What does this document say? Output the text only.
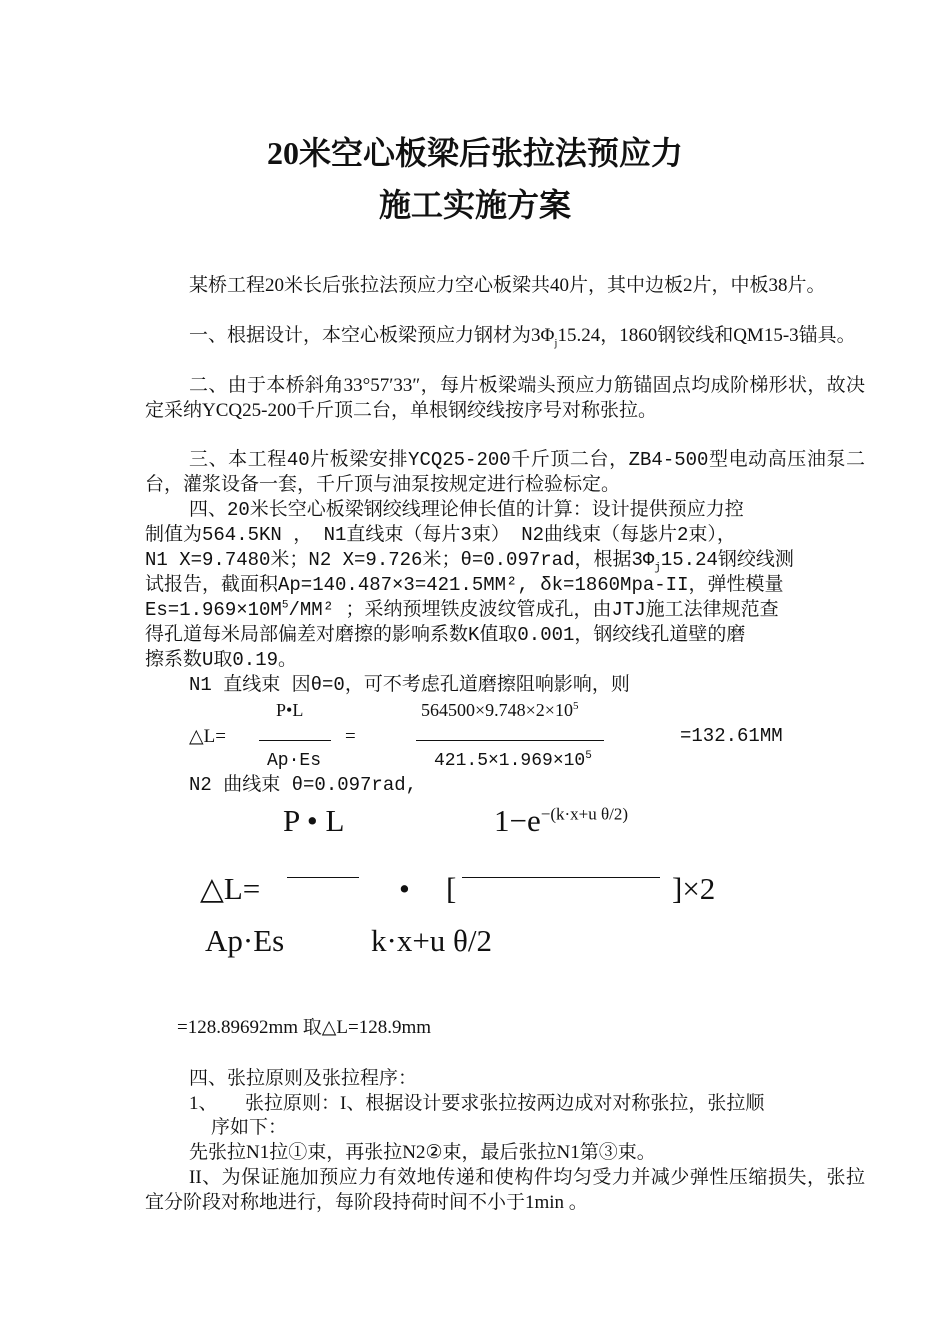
20米空心板梁后张拉法预应力
施工实施方案
某桥工程20米长后张拉法预应力空心板梁共40片，其中边板2片，中板38片。
一、根据设计，本空心板梁预应力钢材为$3\Phi_j15.24$，1860钢铰线和QM15-3锚具。
二、由于本桥斜角33°57′33″，每片板梁端头预应力筋锚固点均成阶梯形状，故决定采纳YCQ25-200千斤顶二台，单根钢绞线按序号对称张拉。
三、本工程40片板梁安排YCQ25-200千斤顶二台，ZB4-500型电动高压油泵二台，灌浆设备一套，千斤顶与油泵按规定进行检验标定。
四、20米长空心板梁钢绞线理论伸长值的计算：设计提供预应力控
制值为564.5KN ， N1直线束（每片3束） N2曲线束（每毖片2束），
N1 X=9.7480米；N2 X=9.726米；θ=0.097rad，根据$3\Phi_j15.24$钢绞线测
试报告，截面积Ap=140.487×3=421.5MM², δk=1860Mpa-II，弹性模量
$Es=1.969\times 10M^5$/MM² ；采纳预埋铁皮波纹管成孔，由JTJ施工法律规范查
得孔道每米局部偏差对磨擦的影响系数K值取0.001，钢绞线孔道壁的磨
擦系数U取0.19。
N1 直线束 因θ=0，可不考虑孔道磨擦阻响影响，则
P•L	$564500\times 9.748\times 2\times 10^5$
△L=	=	=132.61MM
Ap·Es	$421.5\times 1.969\times 10^5$
N2 曲线束 θ=0.097rad,
P • L	$1-e^{-(k\cdot x+u \theta/2)}$
△L=	• [	]×2
Ap·Es	k·x+u θ/2
=128.89692mm 取△L=128.9mm
四、张拉原则及张拉程序：
1、 张拉原则：I、根据设计要求张拉按两边成对对称张拉，张拉顺
序如下：
先张拉N1拉①束，再张拉N2②束，最后张拉N1第③束。
II、为保证施加预应力有效地传递和使构件均匀受力并减少弹性压缩损失，张拉宜分阶段对称地进行，每阶段持荷时间不小于1min 。
